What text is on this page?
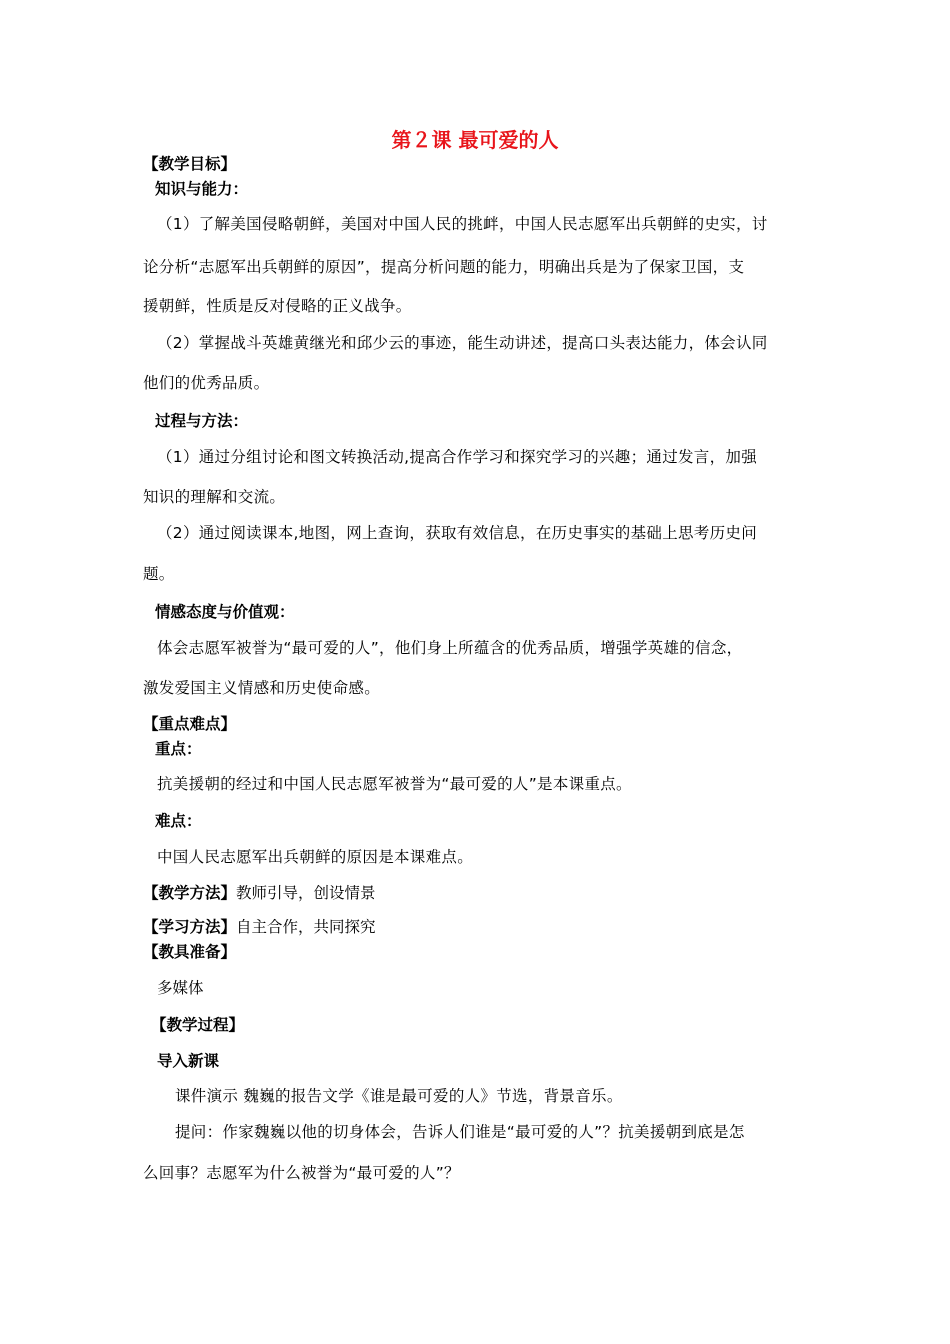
第２课 最可爱的人
【教学目标】
知识与能力：
（1）了解美国侵略朝鲜，美国对中国人民的挑衅，中国人民志愿军出兵朝鲜的史实，讨
论分析“志愿军出兵朝鲜的原因”，提高分析问题的能力，明确出兵是为了保家卫国，支
援朝鲜，性质是反对侵略的正义战争。
（2）掌握战斗英雄黄继光和邱少云的事迹，能生动讲述，提高口头表达能力，体会认同
他们的优秀品质。
过程与方法：
（1）通过分组讨论和图文转换活动,提高合作学习和探究学习的兴趣；通过发言，加强
知识的理解和交流。
（2）通过阅读课本,地图，网上查询，获取有效信息，在历史事实的基础上思考历史问
题。
情感态度与价值观：
体会志愿军被誉为“最可爱的人”，他们身上所蕴含的优秀品质，增强学英雄的信念，
激发爱国主义情感和历史使命感。
【重点难点】
重点：
抗美援朝的经过和中国人民志愿军被誉为“最可爱的人”是本课重点。
难点：
中国人民志愿军出兵朝鲜的原因是本课难点。
【教学方法】教师引导，创设情景
【学习方法】自主合作，共同探究
【教具准备】
多媒体
【教学过程】
导入新课
课件演示 魏巍的报告文学《谁是最可爱的人》节选，背景音乐。
提问：作家魏巍以他的切身体会，告诉人们谁是“最可爱的人”？抗美援朝到底是怎
么回事？志愿军为什么被誉为“最可爱的人”？
